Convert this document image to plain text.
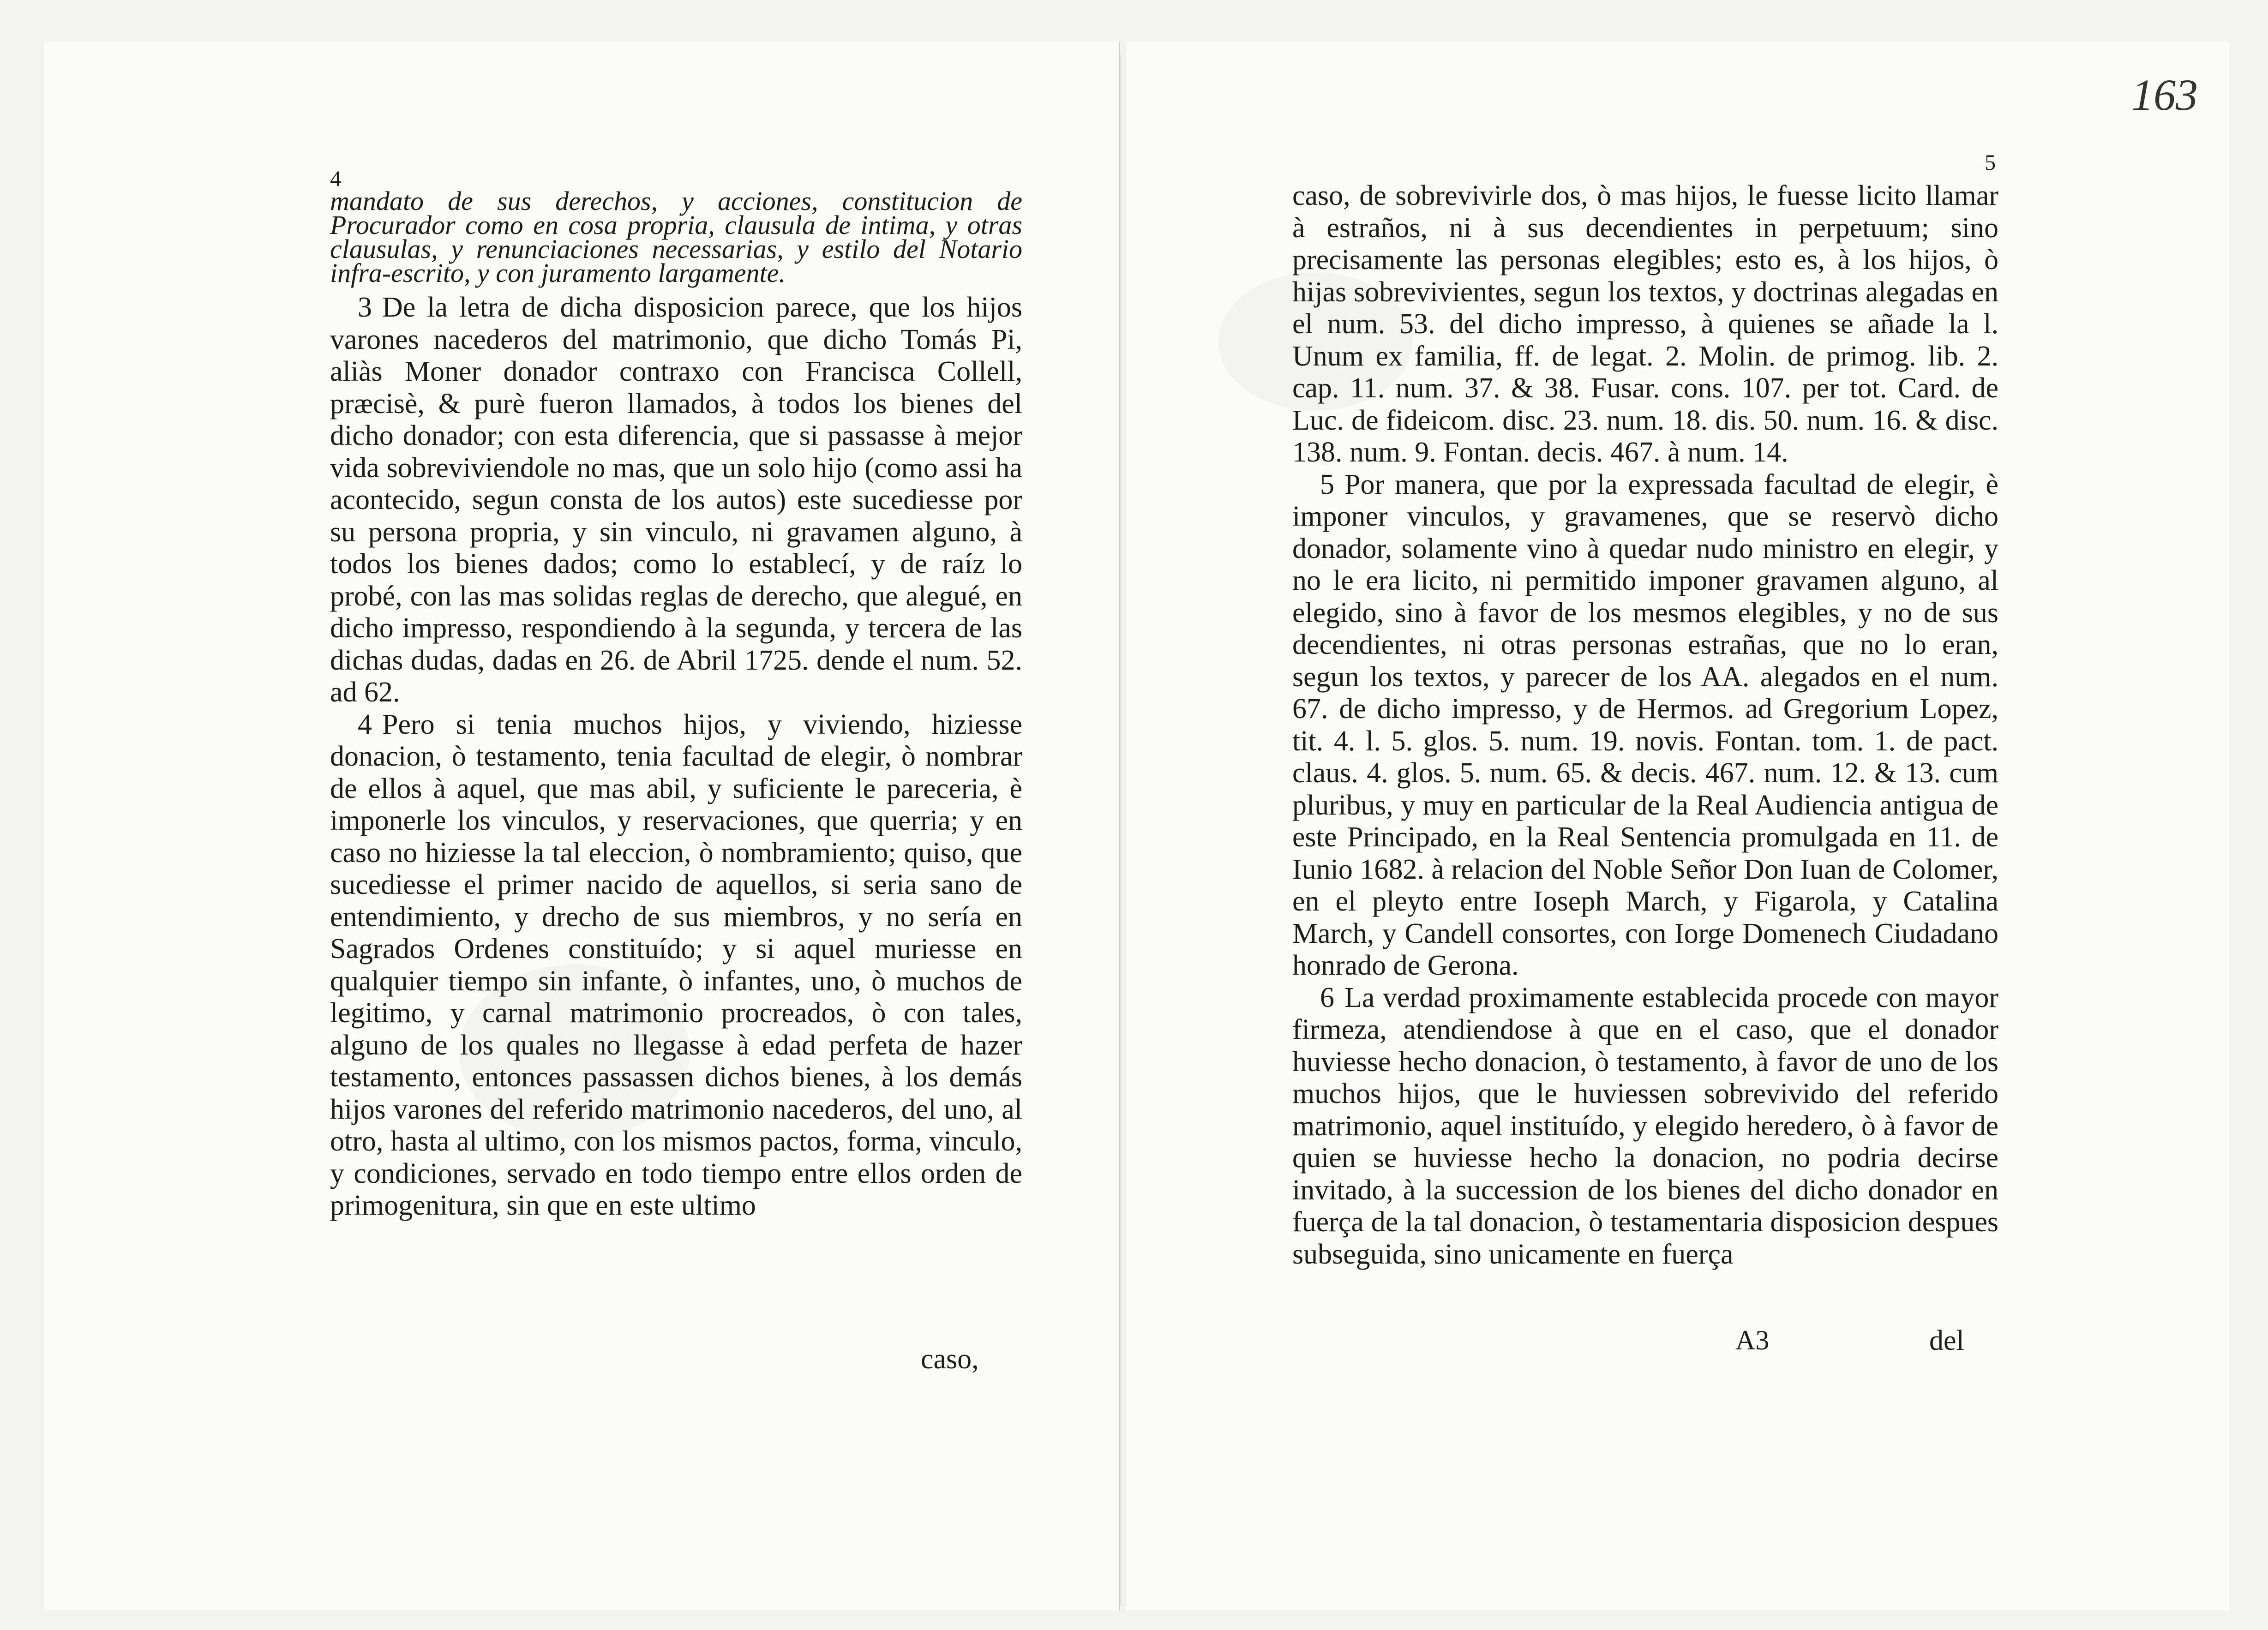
4

mandato de sus derechos, y acciones, constitucion de Procurador como en cosa propria, clausula de intima, y otras clausulas, y renunciaciones necessarias, y estilo del Notario infra-escrito, y con juramento largamente.

3 De la letra de dicha disposicion parece, que los hijos varones nacederos del matrimonio, que dicho Tomás Pi, aliàs Moner donador contraxo con Francisca Collell, præcisè, & purè fueron llamados, à todos los bienes del dicho donador; con esta diferencia, que si passasse à mejor vida sobreviviendole no mas, que un solo hijo (como assi ha acontecido, segun consta de los autos) este sucediesse por su persona propria, y sin vinculo, ni gravamen alguno, à todos los bienes dados; como lo establecí, y de raíz lo probé, con las mas solidas reglas de derecho, que alegué, en dicho impresso, respondiendo à la segunda, y tercera de las dichas dudas, dadas en 26. de Abril 1725. dende el num. 52. ad 62.

4 Pero si tenia muchos hijos, y viviendo, hiziesse donacion, ò testamento, tenia facultad de elegir, ò nombrar de ellos à aquel, que mas abil, y suficiente le pareceria, è imponerle los vinculos, y reservaciones, que querria; y en caso no hiziesse la tal eleccion, ò nombramiento; quiso, que sucediesse el primer nacido de aquellos, si seria sano de entendimiento, y drecho de sus miembros, y no sería en Sagrados Ordenes constituído; y si aquel muriesse en qualquier tiempo sin infante, ò infantes, uno, ò muchos de legitimo, y carnal matrimonio procreados, ò con tales, alguno de los quales no llegasse à edad perfeta de hazer testamento, entonces passassen dichos bienes, à los demás hijos varones del referido matrimonio nacederos, del uno, al otro, hasta al ultimo, con los mismos pactos, forma, vinculo, y condiciones, servado en todo tiempo entre ellos orden de primogenitura, sin que en este ultimo

caso,
5

caso, de sobrevivirle dos, ò mas hijos, le fuesse licito llamar à estraños, ni à sus decendientes in perpetuum; sino precisamente las personas elegibles; esto es, à los hijos, ò hijas sobrevivientes, segun los textos, y doctrinas alegadas en el num. 53. del dicho impresso, à quienes se añade la l. Unum ex familia, ff. de legat. 2. Molin. de primog. lib. 2. cap. 11. num. 37. & 38. Fusar. cons. 107. per tot. Card. de Luc. de fideicom. disc. 23. num. 18. dis. 50. num. 16. & disc. 138. num. 9. Fontan. decis. 467. à num. 14.

5 Por manera, que por la expressada facultad de elegir, è imponer vinculos, y gravamenes, que se reservò dicho donador, solamente vino à quedar nudo ministro en elegir, y no le era licito, ni permitido imponer gravamen alguno, al elegido, sino à favor de los mesmos elegibles, y no de sus decendientes, ni otras personas estrañas, que no lo eran, segun los textos, y parecer de los AA. alegados en el num. 67. de dicho impresso, y de Hermos. ad Gregorium Lopez, tit. 4. l. 5. glos. 5. num. 19. novis. Fontan. tom. 1. de pact. claus. 4. glos. 5. num. 65. & decis. 467. num. 12. & 13. cum pluribus, y muy en particular de la Real Audiencia antigua de este Principado, en la Real Sentencia promulgada en 11. de Iunio 1682. à relacion del Noble Señor Don Iuan de Colomer, en el pleyto entre Ioseph March, y Figarola, y Catalina March, y Candell consortes, con Iorge Domenech Ciudadano honrado de Gerona.

6 La verdad proximamente establecida procede con mayor firmeza, atendiendose à que en el caso, que el donador huviesse hecho donacion, ò testamento, à favor de uno de los muchos hijos, que le huviessen sobrevivido del referido matrimonio, aquel instituído, y elegido heredero, ò à favor de quien se huviesse hecho la donacion, no podria decirse invitado, à la succession de los bienes del dicho donador en fuerça de la tal donacion, ò testamentaria disposicion despues subseguida, sino unicamente en fuerça

A3	del
163
